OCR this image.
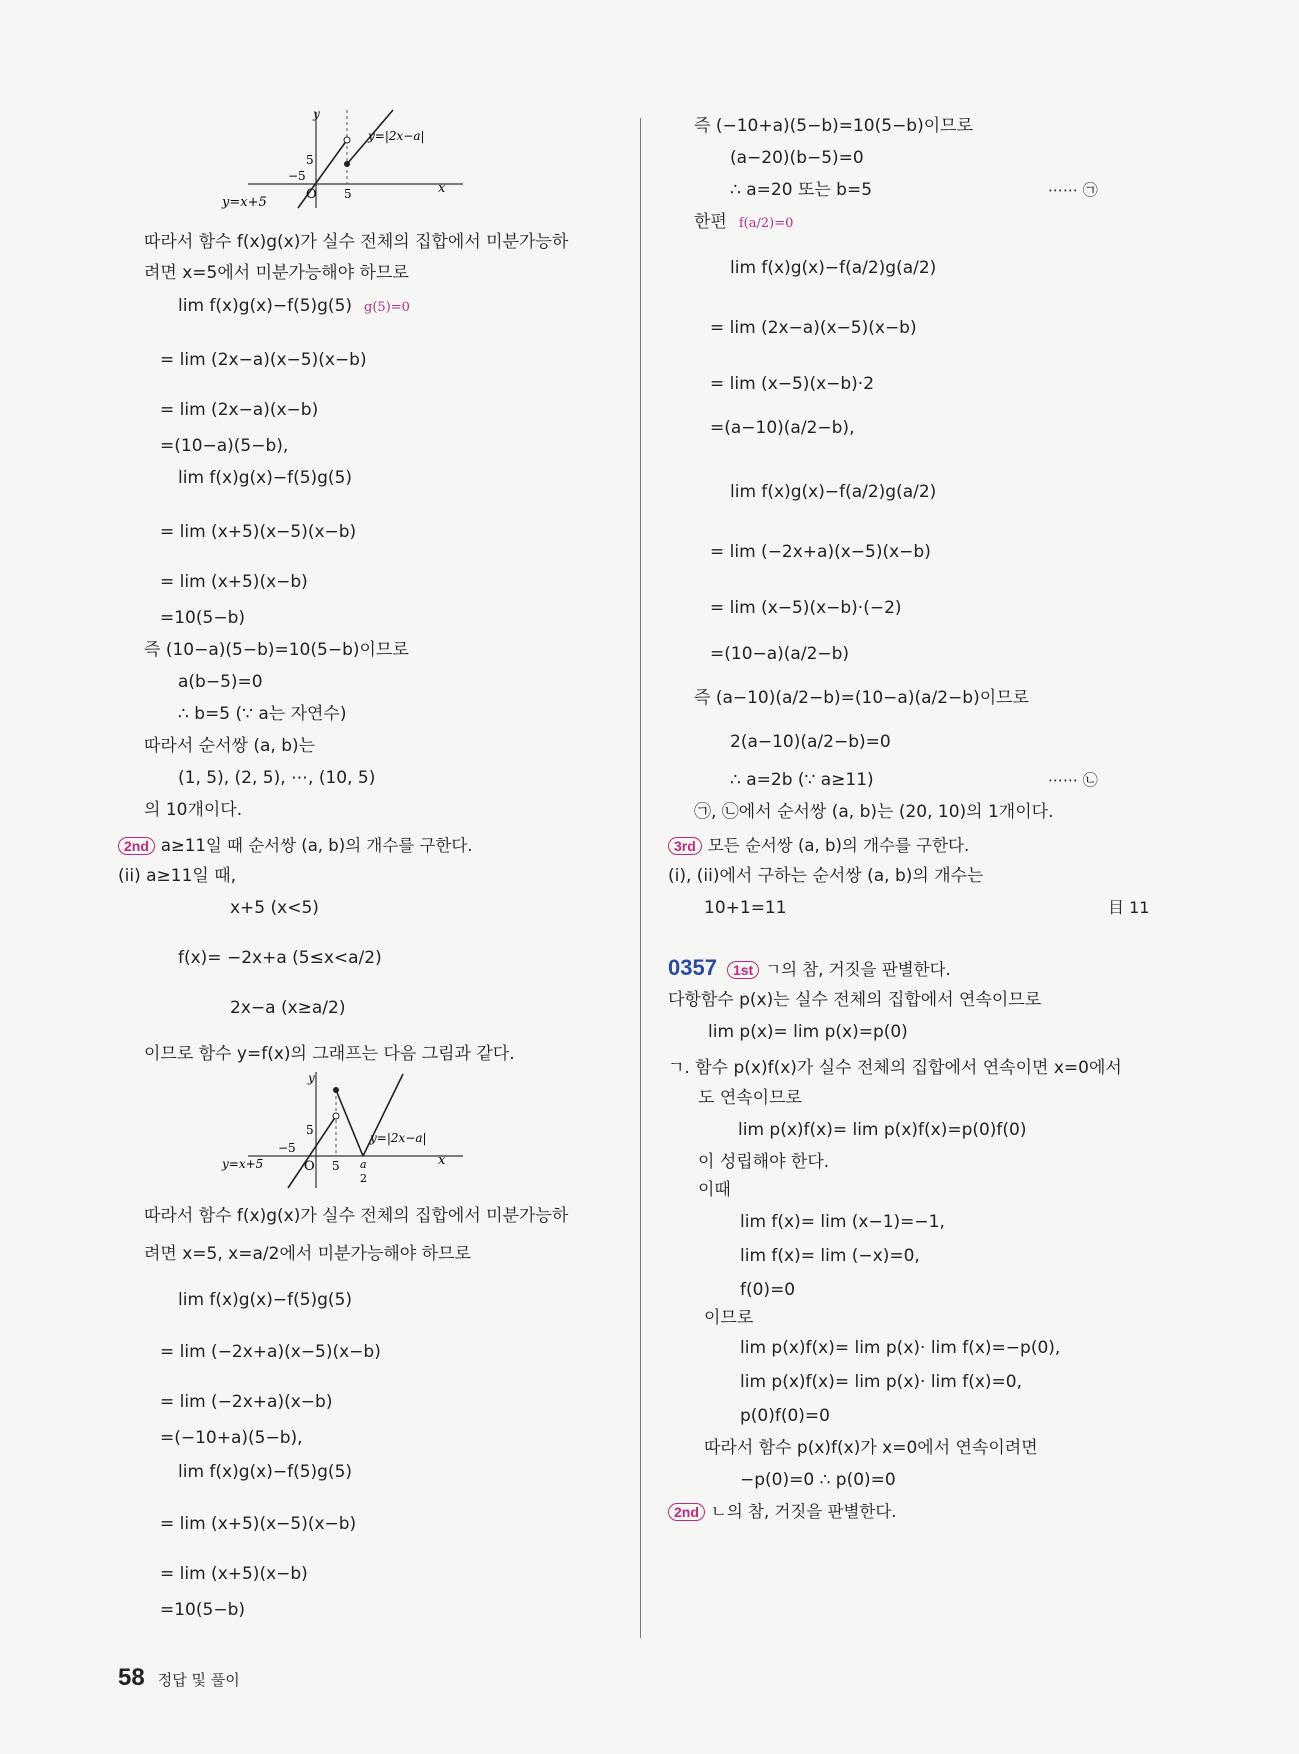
y
y=|2x−a|
5
−5
O 5	x
y=x+5
따라서 함수 f(x)g(x)가 실수 전체의 집합에서 미분가능하
려면 x=5에서 미분가능해야 하므로
lim f(x)g(x)−f(5)g(5) g(5)=0
= lim (2x−a)(x−5)(x−b)
= lim (2x−a)(x−b)
=(10−a)(5−b),
lim f(x)g(x)−f(5)g(5)
= lim (x+5)(x−5)(x−b)
= lim (x+5)(x−b)
=10(5−b)
즉 (10−a)(5−b)=10(5−b)이므로
a(b−5)=0
∴ b=5 (∵ a는 자연수)
따라서 순서쌍 (a, b)는
(1, 5), (2, 5), ⋯, (10, 5)
의 10개이다.
2nd a≥11일 때 순서쌍 (a, b)의 개수를 구한다.
(ii) a≥11일 때,
x+5 (x<5)
f(x)= −2x+a (5≤x<a/2)
2x−a (x≥a/2)
이므로 함수 y=f(x)의 그래프는 다음 그림과 같다.
y
5
−5
O 5 a
2
x
y=|2x−a|
y=x+5
따라서 함수 f(x)g(x)가 실수 전체의 집합에서 미분가능하
려면 x=5, x=a/2에서 미분가능해야 하므로
lim f(x)g(x)−f(5)g(5)
= lim (−2x+a)(x−5)(x−b)
= lim (−2x+a)(x−b)
=(−10+a)(5−b),
lim f(x)g(x)−f(5)g(5)
= lim (x+5)(x−5)(x−b)
= lim (x+5)(x−b)
=10(5−b)
즉 (−10+a)(5−b)=10(5−b)이므로
(a−20)(b−5)=0
∴ a=20 또는 b=5	⋯⋯ ㉠
한편 f(a/2)=0
lim f(x)g(x)−f(a/2)g(a/2)
= lim (2x−a)(x−5)(x−b)
= lim (x−5)(x−b)·2
=(a−10)(a/2−b),
lim f(x)g(x)−f(a/2)g(a/2)
= lim (−2x+a)(x−5)(x−b)
= lim (x−5)(x−b)·(−2)
=(10−a)(a/2−b)
즉 (a−10)(a/2−b)=(10−a)(a/2−b)이므로
2(a−10)(a/2−b)=0
∴ a=2b (∵ a≥11)	⋯⋯ ㉡
㉠, ㉡에서 순서쌍 (a, b)는 (20, 10)의 1개이다.
3rd 모든 순서쌍 (a, b)의 개수를 구한다.
(i), (ii)에서 구하는 순서쌍 (a, b)의 개수는
10+1=11	目 11
0357 1st ㄱ의 참, 거짓을 판별한다.
다항함수 p(x)는 실수 전체의 집합에서 연속이므로
lim p(x)= lim p(x)=p(0)
ㄱ. 함수 p(x)f(x)가 실수 전체의 집합에서 연속이면 x=0에서
도 연속이므로
lim p(x)f(x)= lim p(x)f(x)=p(0)f(0)
이 성립해야 한다.
이때
lim f(x)= lim (x−1)=−1,
lim f(x)= lim (−x)=0,
f(0)=0
이므로
lim p(x)f(x)= lim p(x)· lim f(x)=−p(0),
lim p(x)f(x)= lim p(x)· lim f(x)=0,
p(0)f(0)=0
따라서 함수 p(x)f(x)가 x=0에서 연속이려면
−p(0)=0 ∴ p(0)=0
2nd ㄴ의 참, 거짓을 판별한다.
58 정답 및 풀이
